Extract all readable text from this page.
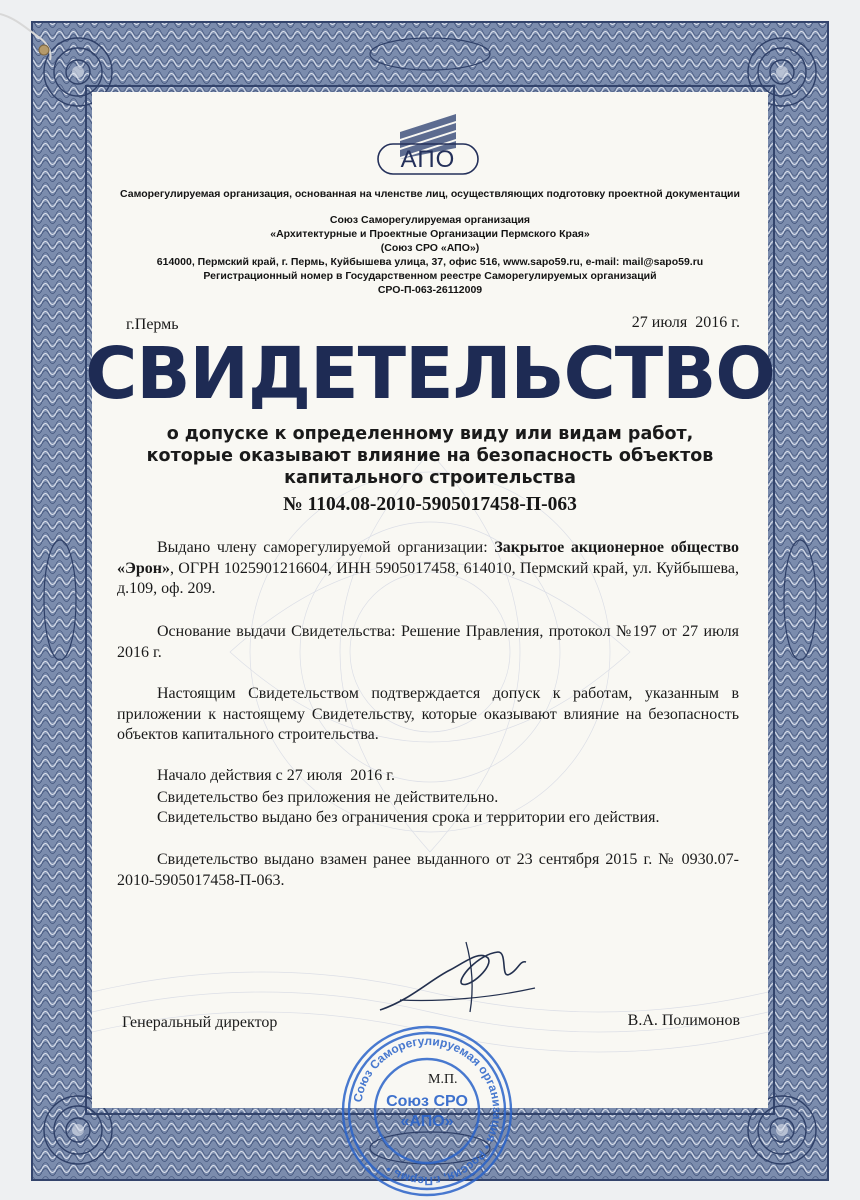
АПО
Саморегулируемая организация, основанная на членстве лиц, осуществляющих подготовку проектной документации
Союз Саморегулируемая организация
«Архитектурные и Проектные Организации Пермского Края»
(Союз СРО «АПО»)
614000, Пермский край, г. Пермь, Куйбышева улица, 37, офис 516, www.sapo59.ru, e-mail: mail@sapo59.ru
Регистрационный номер в Государственном реестре Саморегулируемых организаций
СРО-П-063-26112009
г.Пермь	27 июля  2016 г.
СВИДЕТЕЛЬСТВО
о допуске к определенному виду или видам работ,
которые оказывают влияние на безопасность объектов
капитального строительства
№ 1104.08-2010-5905017458-П-063
Выдано члену саморегулируемой организации: Закрытое акционерное общество «Эрон», ОГРН 1025901216604, ИНН 5905017458, 614010, Пермский край, ул. Куйбышева, д.109, оф. 209.
Основание выдачи Свидетельства: Решение Правления, протокол №197 от 27 июля 2016 г.
Настоящим Свидетельством подтверждается допуск к работам, указанным в приложении к настоящему Свидетельству, которые оказывают влияние на безопасность объектов капитального строительства.
Начало действия с 27 июля  2016 г.
Свидетельство без приложения не действительно.
Свидетельство выдано без ограничения срока и территории его действия.
Свидетельство выдано взамен ранее выданного от 23 сентября 2015 г. № 0930.07-2010-5905017458-П-063.
Генеральный директор	В.А. Полимонов
М.П.
Союз Саморегулируемая организация • Россия, г.Пермь •
Союз СРО
«АПО»
